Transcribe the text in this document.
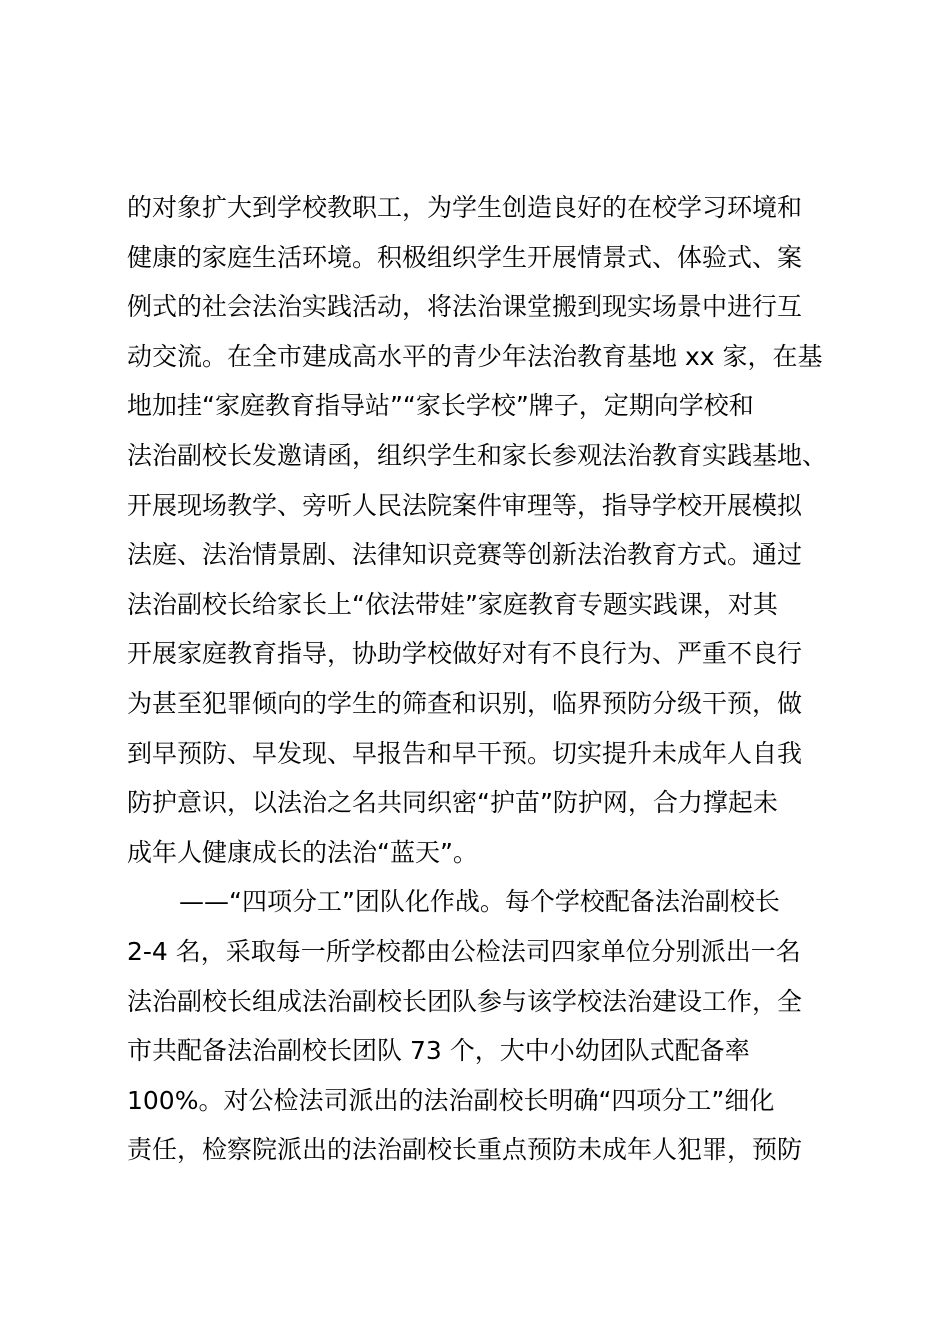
的对象扩大到学校教职工，为学生创造良好的在校学习环境和
健康的家庭生活环境。积极组织学生开展情景式、体验式、案
例式的社会法治实践活动，将法治课堂搬到现实场景中进行互
动交流。在全市建成高水平的青少年法治教育基地 xx 家，在基
地加挂“家庭教育指导站”“家长学校”牌子，定期向学校和
法治副校长发邀请函，组织学生和家长参观法治教育实践基地、
开展现场教学、旁听人民法院案件审理等，指导学校开展模拟
法庭、法治情景剧、法律知识竞赛等创新法治教育方式。通过
法治副校长给家长上“依法带娃”家庭教育专题实践课，对其
开展家庭教育指导，协助学校做好对有不良行为、严重不良行
为甚至犯罪倾向的学生的筛查和识别，临界预防分级干预，做
到早预防、早发现、早报告和早干预。切实提升未成年人自我
防护意识，以法治之名共同织密“护苗”防护网，合力撑起未
成年人健康成长的法治“蓝天”。
——“四项分工”团队化作战。每个学校配备法治副校长
2-4 名，采取每一所学校都由公检法司四家单位分别派出一名
法治副校长组成法治副校长团队参与该学校法治建设工作，全
市共配备法治副校长团队 73 个，大中小幼团队式配备率
100%。对公检法司派出的法治副校长明确“四项分工”细化
责任，检察院派出的法治副校长重点预防未成年人犯罪，预防
